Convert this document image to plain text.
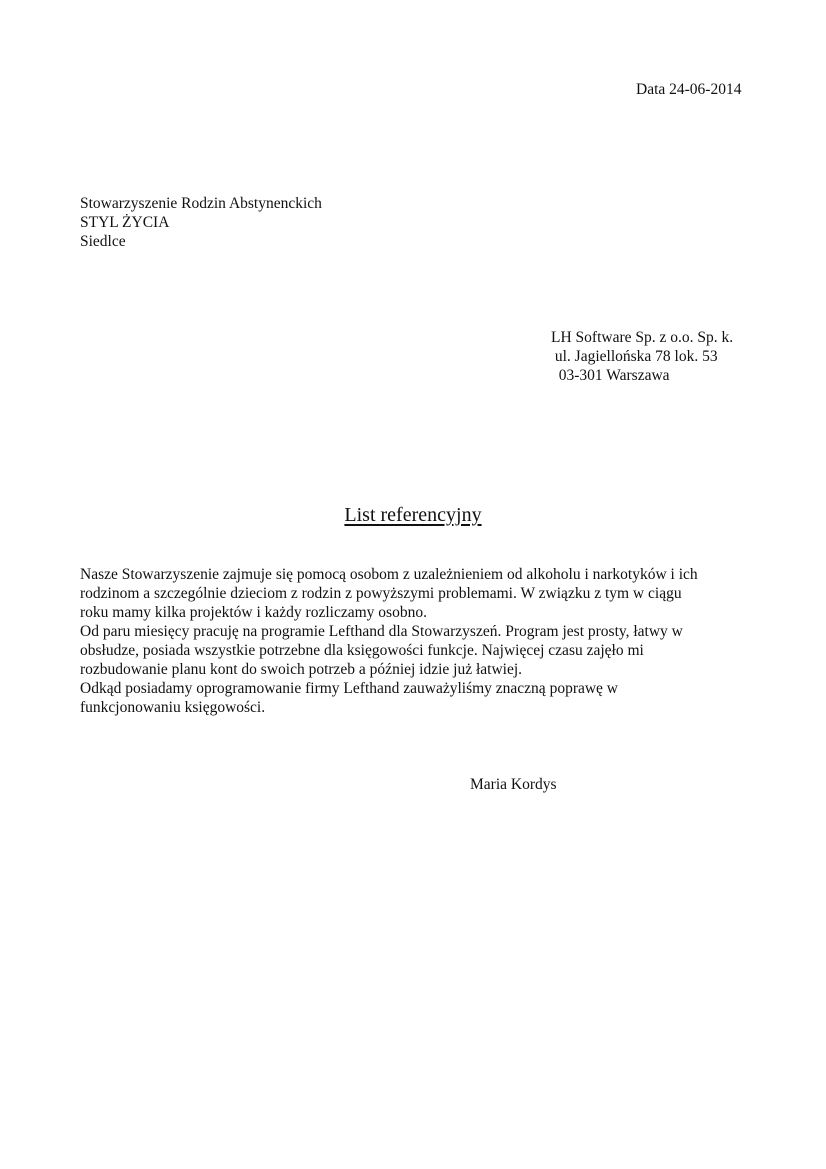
Data 24-06-2014
Stowarzyszenie Rodzin Abstynenckich
STYL ŻYCIA
Siedlce
LH Software Sp. z o.o. Sp. k.
ul. Jagiellońska 78 lok. 53
03-301 Warszawa
List referencyjny
Nasze Stowarzyszenie zajmuje się pomocą osobom z uzależnieniem od alkoholu i narkotyków i ich
rodzinom a szczególnie dzieciom z rodzin z powyższymi problemami. W związku z tym w ciągu
roku mamy kilka projektów i każdy rozliczamy osobno.
Od paru miesięcy pracuję na programie Lefthand dla Stowarzyszeń. Program jest prosty, łatwy w
obsłudze, posiada wszystkie potrzebne dla księgowości funkcje. Najwięcej czasu zajęło mi
rozbudowanie planu kont do swoich potrzeb a później idzie już łatwiej.
Odkąd posiadamy oprogramowanie firmy Lefthand zauważyliśmy znaczną poprawę w
funkcjonowaniu księgowości.
Maria Kordys
